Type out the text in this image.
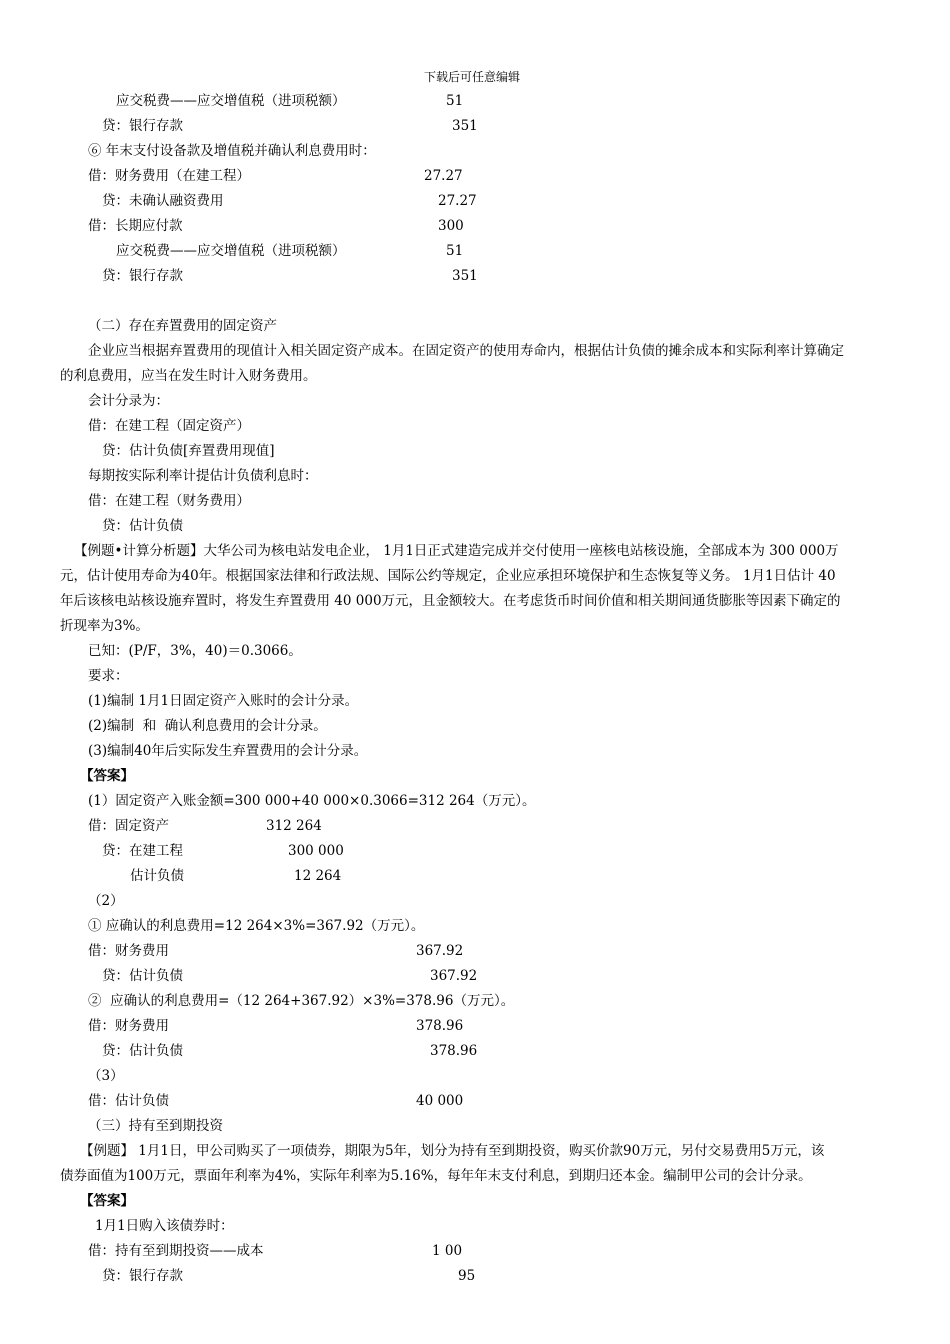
下载后可任意编辑
应交税费——应交增值税（进项税额）	51
贷：银行存款	351
⑥ 年末支付设备款及增值税并确认利息费用时：
借：财务费用（在建工程）	27.27
贷：未确认融资费用	27.27
借：长期应付款	300
应交税费——应交增值税（进项税额）	51
贷：银行存款	351
（二）存在弃置费用的固定资产
企业应当根据弃置费用的现值计入相关固定资产成本。在固定资产的使用寿命内，根据估计负债的摊余成本和实际利率计算确定
的利息费用，应当在发生时计入财务费用。
会计分录为：
借：在建工程（固定资产）
贷：估计负债[弃置费用现值]
每期按实际利率计提估计负债利息时：
借：在建工程（财务费用）
贷：估计负债
【例题•计算分析题】大华公司为核电站发电企业， 1月1日正式建造完成并交付使用一座核电站核设施，全部成本为 300 000万
元，估计使用寿命为40年。根据国家法律和行政法规、国际公约等规定，企业应承担环境保护和生态恢复等义务。 1月1日估计 40
年后该核电站核设施弃置时，将发生弃置费用 40 000万元，且金额较大。在考虑货币时间价值和相关期间通货膨胀等因素下确定的
折现率为3%。
已知：(P/F，3%，40)＝0.3066。
要求：
(1)编制 1月1日固定资产入账时的会计分录。
(2)编制  和  确认利息费用的会计分录。
(3)编制40年后实际发生弃置费用的会计分录。
【答案】
(1）固定资产入账金额=300 000+40 000×0.3066=312 264（万元）。
借：固定资产	312 264
贷：在建工程	300 000
估计负债	12 264
（2）
① 应确认的利息费用=12 264×3%=367.92（万元）。
借：财务费用	367.92
贷：估计负债	367.92
②  应确认的利息费用=（12 264+367.92）×3%=378.96（万元）。
借：财务费用	378.96
贷：估计负债	378.96
（3）
借：估计负债	40 000
（三）持有至到期投资
【例题】 1月1日，甲公司购买了一项债券，期限为5年，划分为持有至到期投资，购买价款90万元，另付交易费用5万元，该
债券面值为100万元，票面年利率为4%，实际年利率为5.16%，每年年末支付利息，到期归还本金。编制甲公司的会计分录。
【答案】
1月1日购入该债券时：
借：持有至到期投资——成本	1 00
贷：银行存款	95
